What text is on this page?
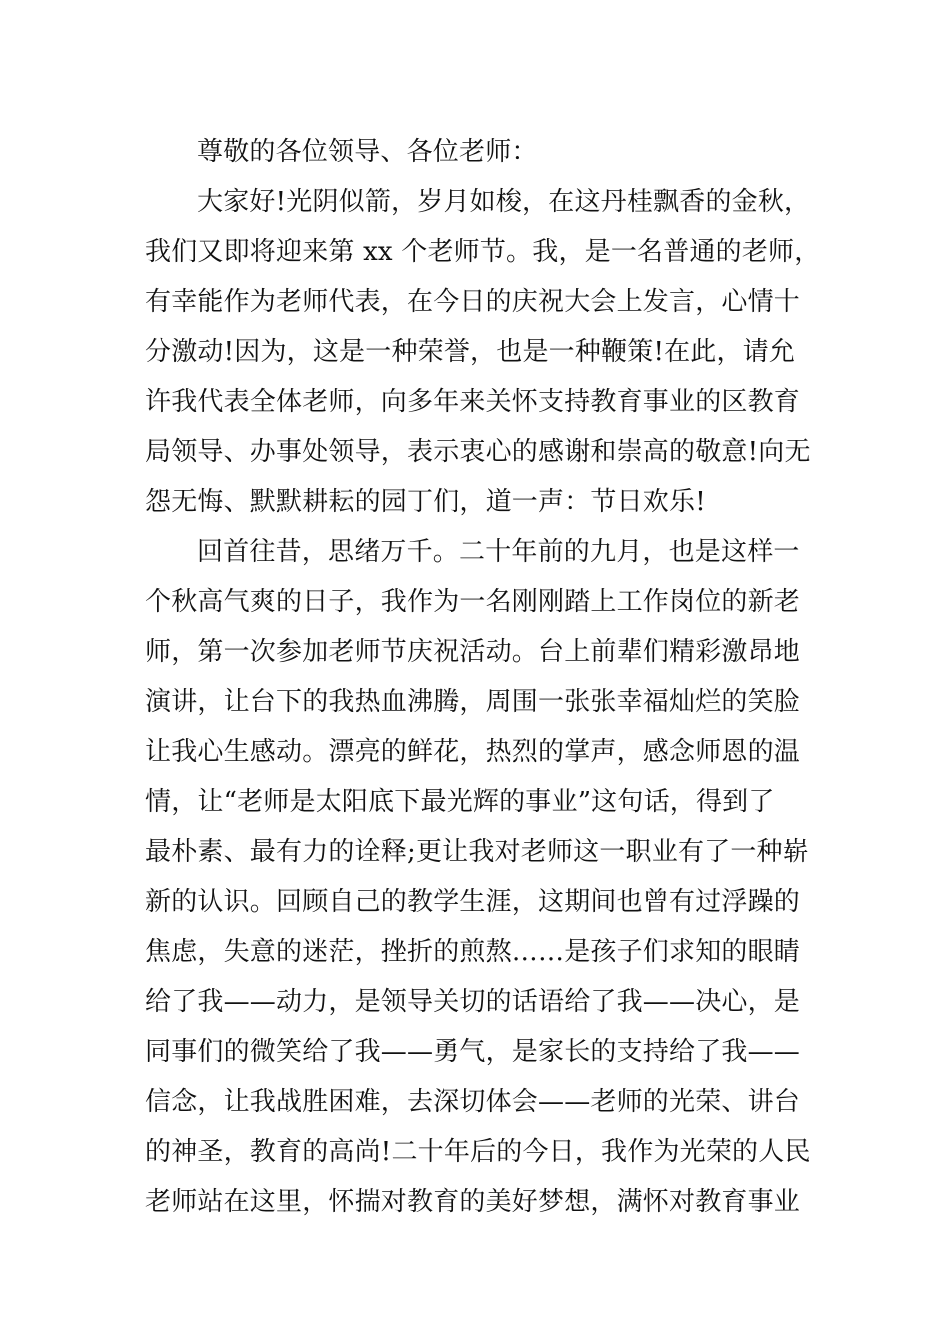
尊敬的各位领导、各位老师：
大家好!光阴似箭，岁月如梭，在这丹桂飘香的金秋，
我们又即将迎来第 xx 个老师节。我，是一名普通的老师，
有幸能作为老师代表，在今日的庆祝大会上发言，心情十
分激动!因为，这是一种荣誉，也是一种鞭策!在此，请允
许我代表全体老师，向多年来关怀支持教育事业的区教育
局领导、办事处领导，表示衷心的感谢和崇高的敬意!向无
怨无悔、默默耕耘的园丁们，道一声：节日欢乐!
回首往昔，思绪万千。二十年前的九月，也是这样一
个秋高气爽的日子，我作为一名刚刚踏上工作岗位的新老
师，第一次参加老师节庆祝活动。台上前辈们精彩激昂地
演讲，让台下的我热血沸腾，周围一张张幸福灿烂的笑脸
让我心生感动。漂亮的鲜花，热烈的掌声，感念师恩的温
情，让“老师是太阳底下最光辉的事业”这句话，得到了
最朴素、最有力的诠释;更让我对老师这一职业有了一种崭
新的认识。回顾自己的教学生涯，这期间也曾有过浮躁的
焦虑，失意的迷茫，挫折的煎熬……是孩子们求知的眼睛
给了我——动力，是领导关切的话语给了我——决心，是
同事们的微笑给了我——勇气，是家长的支持给了我——
信念，让我战胜困难，去深切体会——老师的光荣、讲台
的神圣，教育的高尚!二十年后的今日，我作为光荣的人民
老师站在这里，怀揣对教育的美好梦想，满怀对教育事业
